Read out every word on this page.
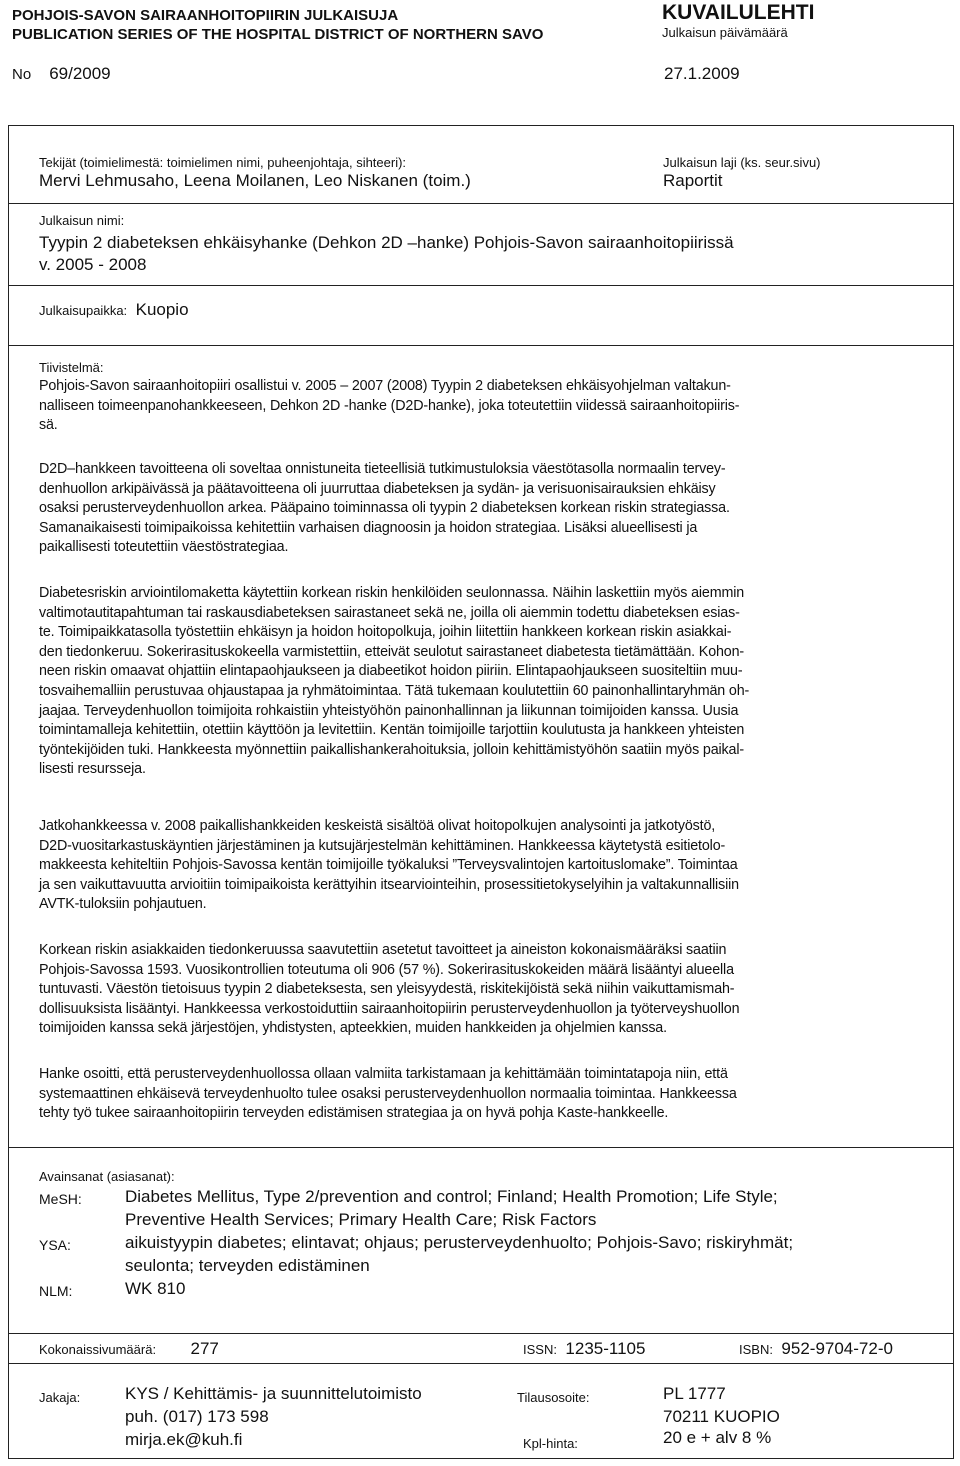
POHJOIS-SAVON SAIRAANHOITOPIIRIN JULKAISUJA
PUBLICATION SERIES OF THE HOSPITAL DISTRICT OF NORTHERN SAVO
KUVAILULEHTI
Julkaisun päivämäärä
No 69/2009	27.1.2009
Tekijät (toimielimestä: toimielimen nimi, puheenjohtaja, sihteeri):
Mervi Lehmusaho, Leena Moilanen, Leo Niskanen (toim.)
Julkaisun laji (ks. seur.sivu)
Raportit
Julkaisun nimi:
Tyypin 2 diabeteksen ehkäisyhanke (Dehkon 2D –hanke) Pohjois-Savon sairaanhoitopiirissä
v. 2005 - 2008
Julkaisupaikka: Kuopio
Tiivistelmä:
Pohjois-Savon sairaanhoitopiiri osallistui v. 2005 – 2007 (2008) Tyypin 2 diabeteksen ehkäisyohjelman valtakun-
nalliseen toimeenpanohankkeeseen, Dehkon 2D -hanke (D2D-hanke), joka toteutettiin viidessä sairaanhoitopiiris-
sä.
D2D–hankkeen tavoitteena oli soveltaa onnistuneita tieteellisiä tutkimustuloksia väestötasolla normaalin tervey-
denhuollon arkipäivässä ja päätavoitteena oli juurruttaa diabeteksen ja sydän- ja verisuonisairauksien ehkäisy
osaksi perusterveydenhuollon arkea. Pääpaino toiminnassa oli tyypin 2 diabeteksen korkean riskin strategiassa.
Samanaikaisesti toimipaikoissa kehitettiin varhaisen diagnoosin ja hoidon strategiaa. Lisäksi alueellisesti ja
paikallisesti toteutettiin väestöstrategiaa.
Diabetesriskin arviointilomaketta käytettiin korkean riskin henkilöiden seulonnassa. Näihin laskettiin myös aiemmin
valtimotautitapahtuman tai raskausdiabeteksen sairastaneet sekä ne, joilla oli aiemmin todettu diabeteksen esias-
te. Toimipaikkatasolla työstettiin ehkäisyn ja hoidon hoitopolkuja, joihin liitettiin hankkeen korkean riskin asiakkai-
den tiedonkeruu. Sokerirasituskokeella varmistettiin, etteivät seulotut sairastaneet diabetesta tietämättään. Kohon-
neen riskin omaavat ohjattiin elintapaohjaukseen ja diabeetikot hoidon piiriin. Elintapaohjaukseen suositeltiin muu-
tosvaihemalliin perustuvaa ohjaustapaa ja ryhmätoimintaa. Tätä tukemaan koulutettiin 60 painonhallintaryhmän oh-
jaajaa. Terveydenhuollon toimijoita rohkaistiin yhteistyöhön painonhallinnan ja liikunnan toimijoiden kanssa. Uusia
toimintamalleja kehitettiin, otettiin käyttöön ja levitettiin. Kentän toimijoille tarjottiin koulutusta ja hankkeen yhteisten
työntekijöiden tuki. Hankkeesta myönnettiin paikallishankerahoituksia, jolloin kehittämistyöhön saatiin myös paikal-
lisesti resursseja.
Jatkohankkeessa v. 2008 paikallishankkeiden keskeistä sisältöä olivat hoitopolkujen analysointi ja jatkotyöstö,
D2D-vuositarkastuskäyntien järjestäminen ja kutsujärjestelmän kehittäminen. Hankkeessa käytetystä esitietolo-
makkeesta kehiteltiin Pohjois-Savossa kentän toimijoille työkaluksi ”Terveysvalintojen kartoituslomake”. Toimintaa
ja sen vaikuttavuutta arvioitiin toimipaikoista kerättyihin itsearviointeihin, prosessitietokyselyihin ja valtakunnallisiin
AVTK-tuloksiin pohjautuen.
Korkean riskin asiakkaiden tiedonkeruussa saavutettiin asetetut tavoitteet ja aineiston kokonaismääräksi saatiin
Pohjois-Savossa 1593. Vuosikontrollien toteutuma oli 906 (57 %). Sokerirasituskokeiden määrä lisääntyi alueella
tuntuvasti. Väestön tietoisuus tyypin 2 diabeteksesta, sen yleisyydestä, riskitekijöistä sekä niihin vaikuttamismah-
dollisuuksista lisääntyi. Hankkeessa verkostoiduttiin sairaanhoitopiirin perusterveydenhuollon ja työterveyshuollon
toimijoiden kanssa sekä järjestöjen, yhdistysten, apteekkien, muiden hankkeiden ja ohjelmien kanssa.
Hanke osoitti, että perusterveydenhuollossa ollaan valmiita tarkistamaan ja kehittämään toimintatapoja niin, että
systemaattinen ehkäisevä terveydenhuolto tulee osaksi perusterveydenhuollon normaalia toimintaa. Hankkeessa
tehty työ tukee sairaanhoitopiirin terveyden edistämisen strategiaa ja on hyvä pohja Kaste-hankkeelle.
Avainsanat (asiasanat):
MeSH:	Diabetes Mellitus, Type 2/prevention and control; Finland; Health Promotion; Life Style;
Preventive Health Services; Primary Health Care; Risk Factors
YSA:	aikuistyypin diabetes; elintavat; ohjaus; perusterveydenhuolto; Pohjois-Savo; riskiryhmät;
seulonta; terveyden edistäminen
NLM:	WK 810
Kokonaissivumäärä: 277	ISSN: 1235-1105	ISBN: 952-9704-72-0
Jakaja:	KYS / Kehittämis- ja suunnittelutoimisto
puh. (017) 173 598
mirja.ek@kuh.fi
Tilausosoite:	PL 1777
70211 KUOPIO
Kpl-hinta:	20 e + alv 8 %
